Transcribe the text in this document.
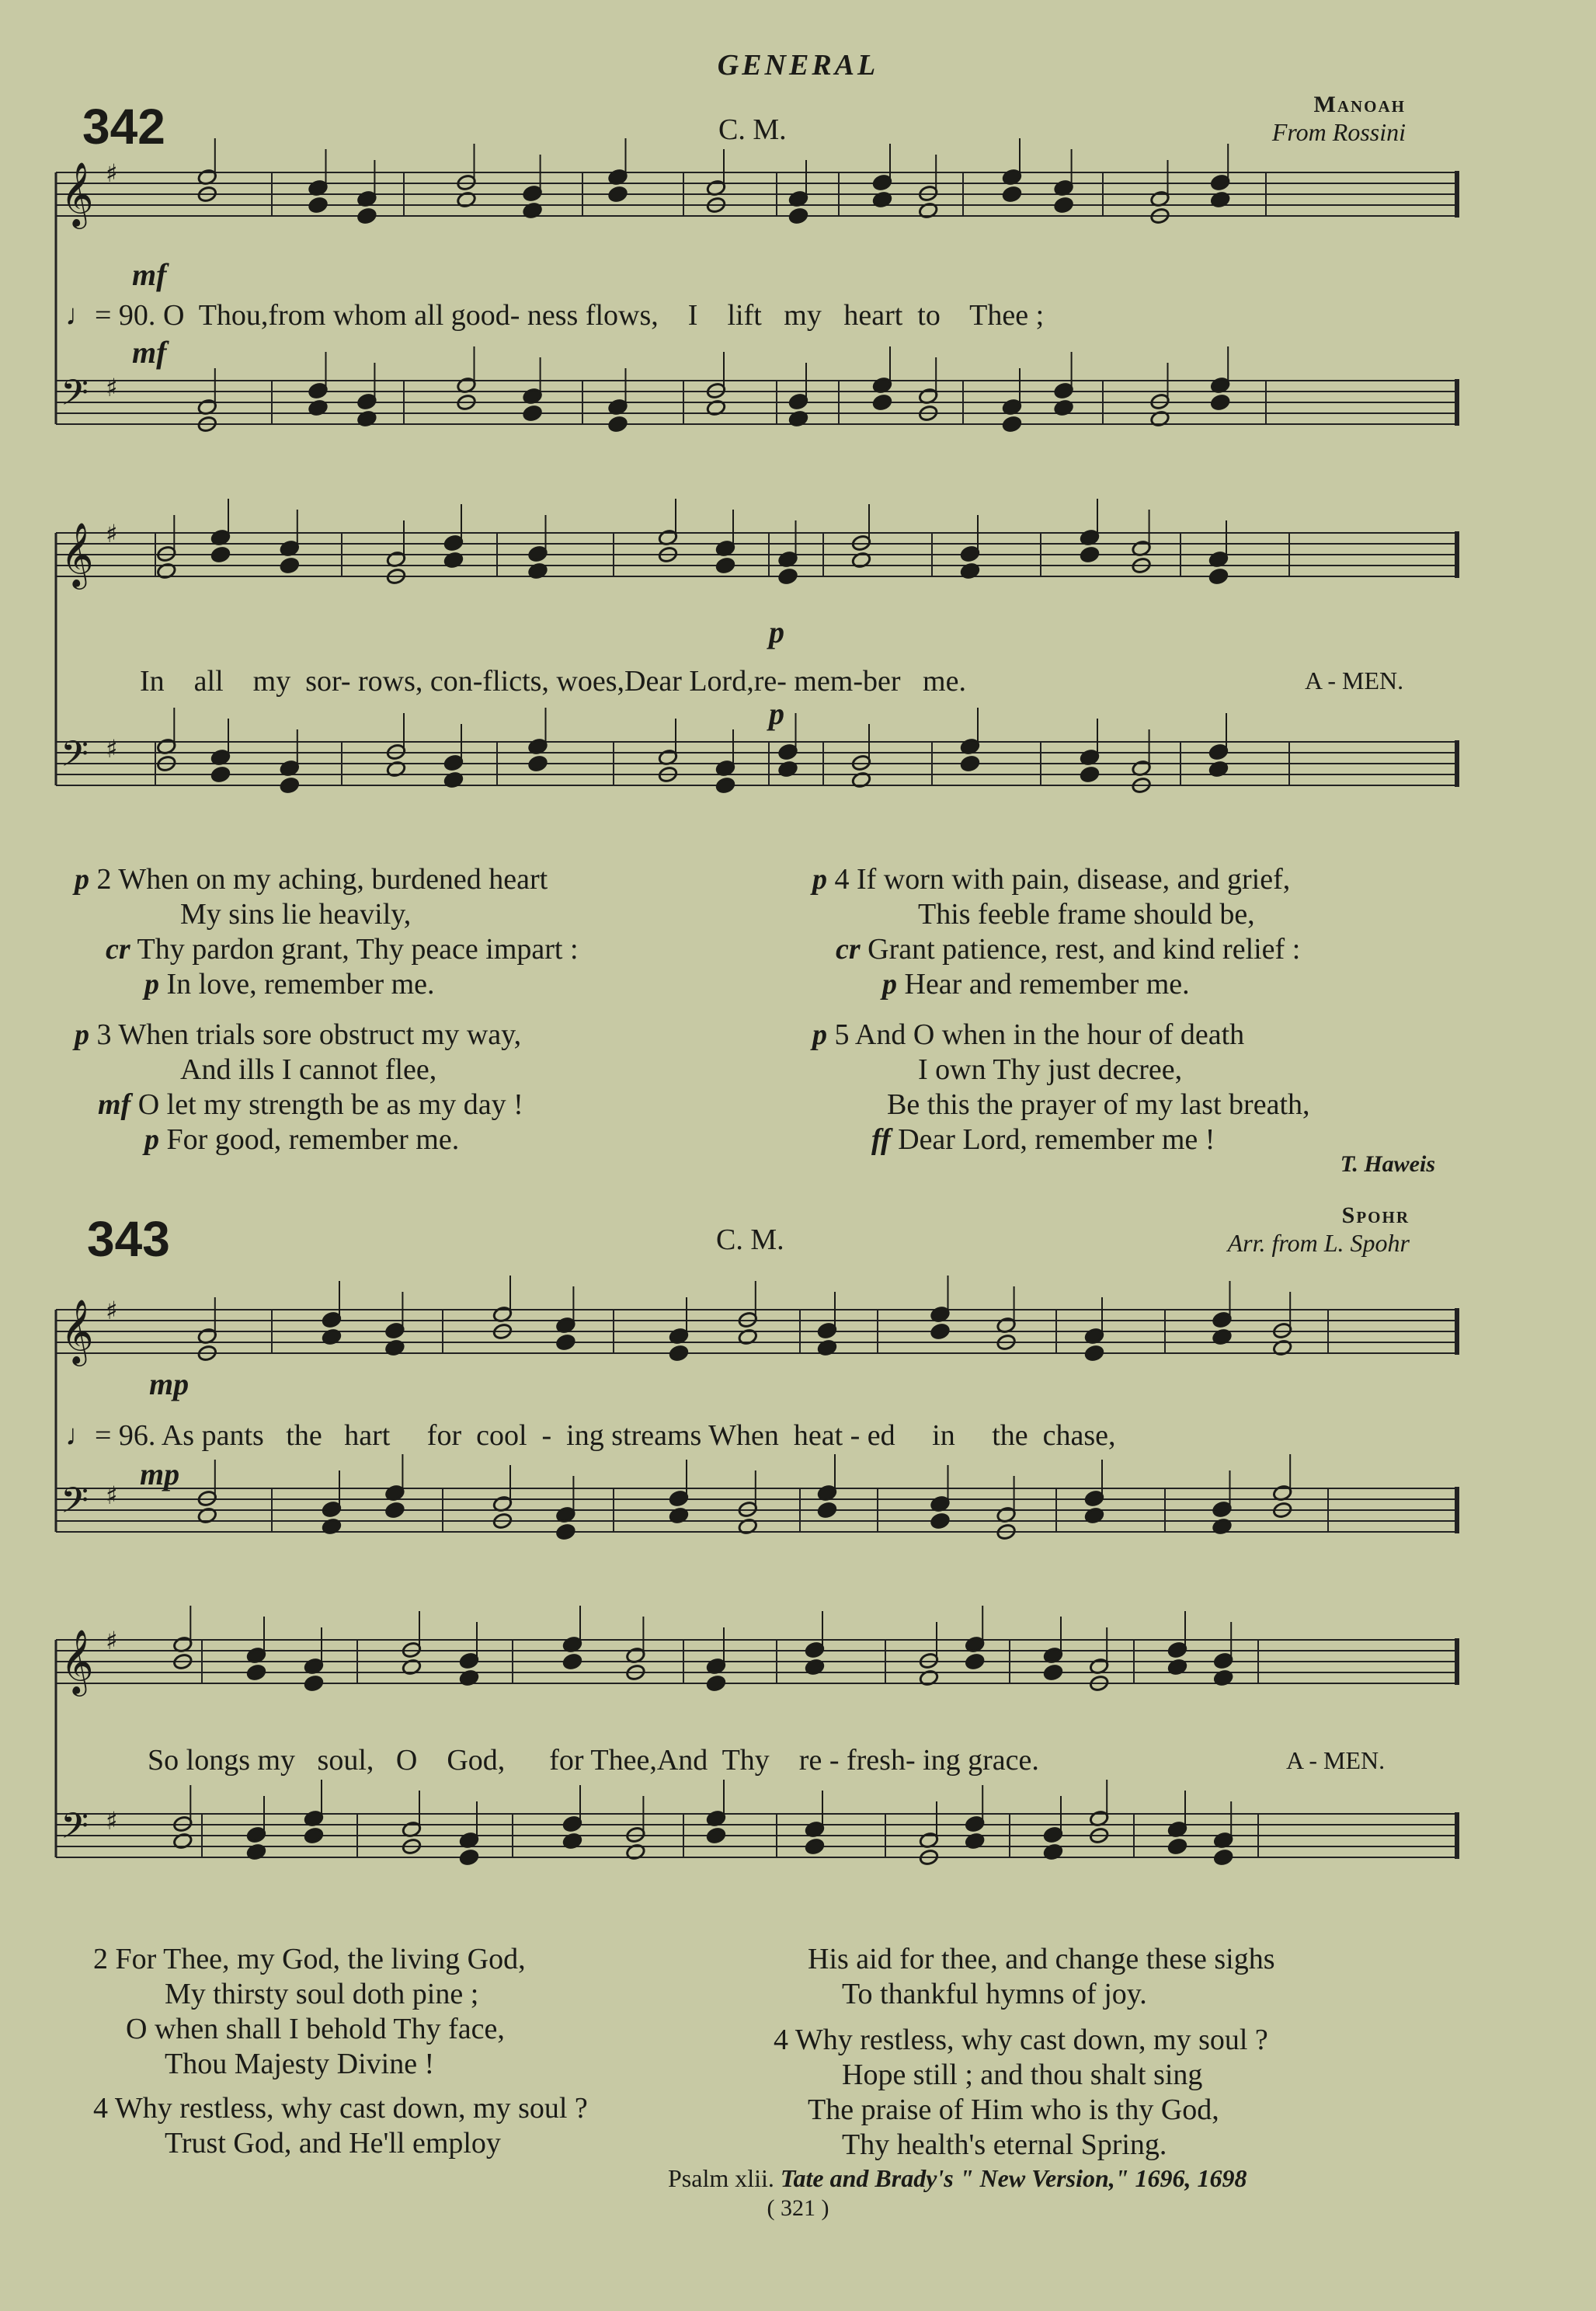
GENERAL
342	C. M.
Manoah
From Rossini
𝄞 ♯
𝄢 ♯
𝄞 ♯
𝄢 ♯
𝄞 ♯
𝄢 ♯
𝄞 ♯
𝄢 ♯
mf
♩= 90. O  Thou,from whom all good- ness flows,    I    lift   my   heart  to    Thee ;
mf
In    all    my  sor- rows, con-flicts, woes,Dear Lord,re- mem-ber   me.	A - MEN.
p
p
p 2 When on my aching, burdened heart
My sins lie heavily,
cr Thy pardon grant, Thy peace impart :
p In love, remember me.
p 3 When trials sore obstruct my way,
And ills I cannot flee,
mf O let my strength be as my day !
p For good, remember me.
p 4 If worn with pain, disease, and grief,
This feeble frame should be,
cr Grant patience, rest, and kind relief :
p Hear and remember me.
p 5 And O when in the hour of death
I own Thy just decree,
Be this the prayer of my last breath,
ff Dear Lord, remember me !
T. Haweis
343	C. M.
Spohr
Arr. from L. Spohr
mp
♩= 96. As pants   the   hart     for  cool  -  ing streams When  heat - ed     in     the  chase,
mp
So longs my   soul,   O    God,      for Thee,And  Thy    re - fresh- ing grace.	A - MEN.
2 For Thee, my God, the living God,
My thirsty soul doth pine ;
O when shall I behold Thy face,
Thou Majesty Divine !
4 Why restless, why cast down, my soul ?
Trust God, and He'll employ
His aid for thee, and change these sighs
To thankful hymns of joy.
4 Why restless, why cast down, my soul ?
Hope still ; and thou shalt sing
The praise of Him who is thy God,
Thy health's eternal Spring.
Psalm xlii. Tate and Brady's " New Version," 1696, 1698
( 321 )
